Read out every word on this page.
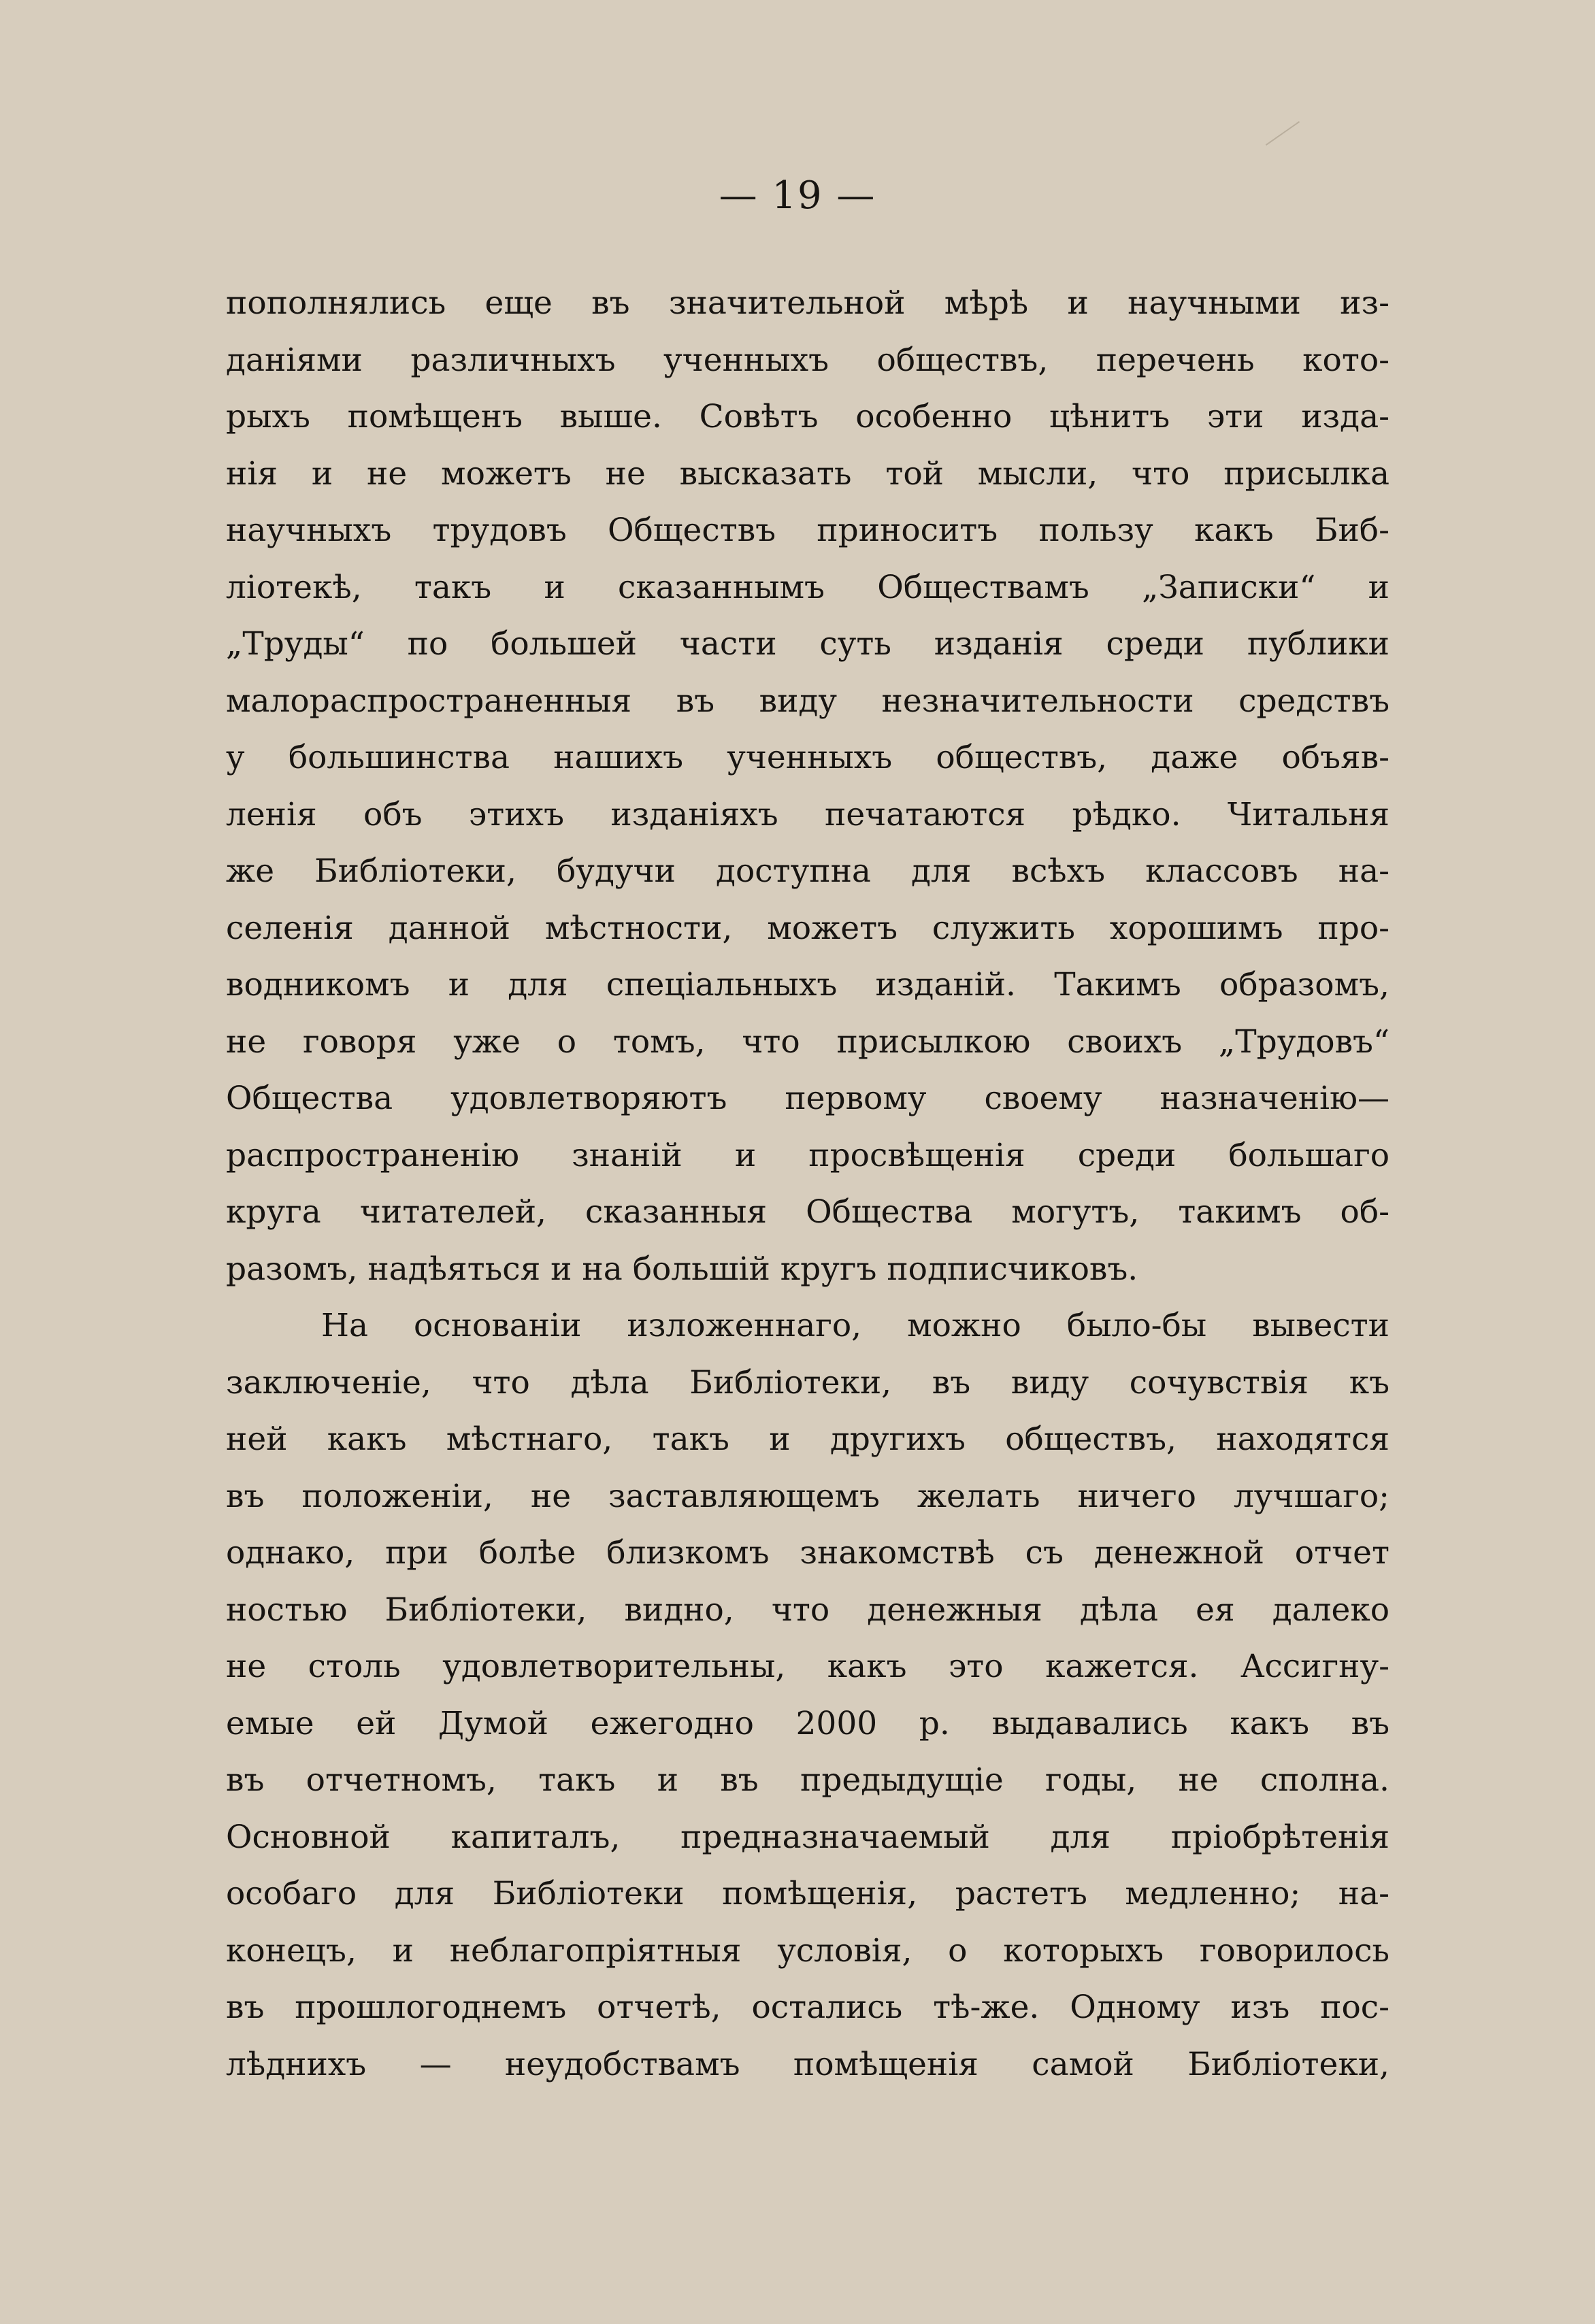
— 19 —
пополнялись еще въ значительной мѣрѣ и научными из-
даніями различныхъ ученныхъ обществъ, перечень кото-
рыхъ помѣщенъ выше. Совѣтъ особенно цѣнитъ эти изда-
нія и не можетъ не высказать той мысли, что присылка
научныхъ трудовъ Обществъ приноситъ пользу какъ Биб-
ліотекѣ, такъ и сказаннымъ Обществамъ „Записки“ и
„Труды“ по большей части суть изданія среди публики
малораспространенныя въ виду незначительности средствъ
у большинства нашихъ ученныхъ обществъ, даже объяв-
ленія объ этихъ изданіяхъ печатаются рѣдко. Читальня
же Библіотеки, будучи доступна для всѣхъ классовъ на-
селенія данной мѣстности, можетъ служить хорошимъ про-
водникомъ и для спеціальныхъ изданій. Такимъ образомъ,
не говоря уже о томъ, что присылкою своихъ „Трудовъ“
Общества удовлетворяютъ первому своему назначенію—
распространенію знаній и просвѣщенія среди большаго
круга читателей, сказанныя Общества могутъ, такимъ об-
разомъ, надѣяться и на большій кругъ подписчиковъ.
На основаніи изложеннаго, можно было-бы вывести
заключеніе, что дѣла Библіотеки, въ виду сочувствія къ
ней какъ мѣстнаго, такъ и другихъ обществъ, находятся
въ положеніи, не заставляющемъ желать ничего лучшаго;
однако, при болѣе близкомъ знакомствѣ съ денежной отчет
ностью Библіотеки, видно, что денежныя дѣла ея далеко
не столь удовлетворительны, какъ это кажется. Ассигну-
емые ей Думой ежегодно 2000 р. выдавались какъ въ
въ отчетномъ, такъ и въ предыдущіе годы, не сполна.
Основной капиталъ, предназначаемый для пріобрѣтенія
особаго для Библіотеки помѣщенія, растетъ медленно; на-
конецъ, и неблагопріятныя условія, о которыхъ говорилось
въ прошлогоднемъ отчетѣ, остались тѣ-же. Одному изъ пос-
лѣднихъ — неудобствамъ помѣщенія самой Библіотеки,
